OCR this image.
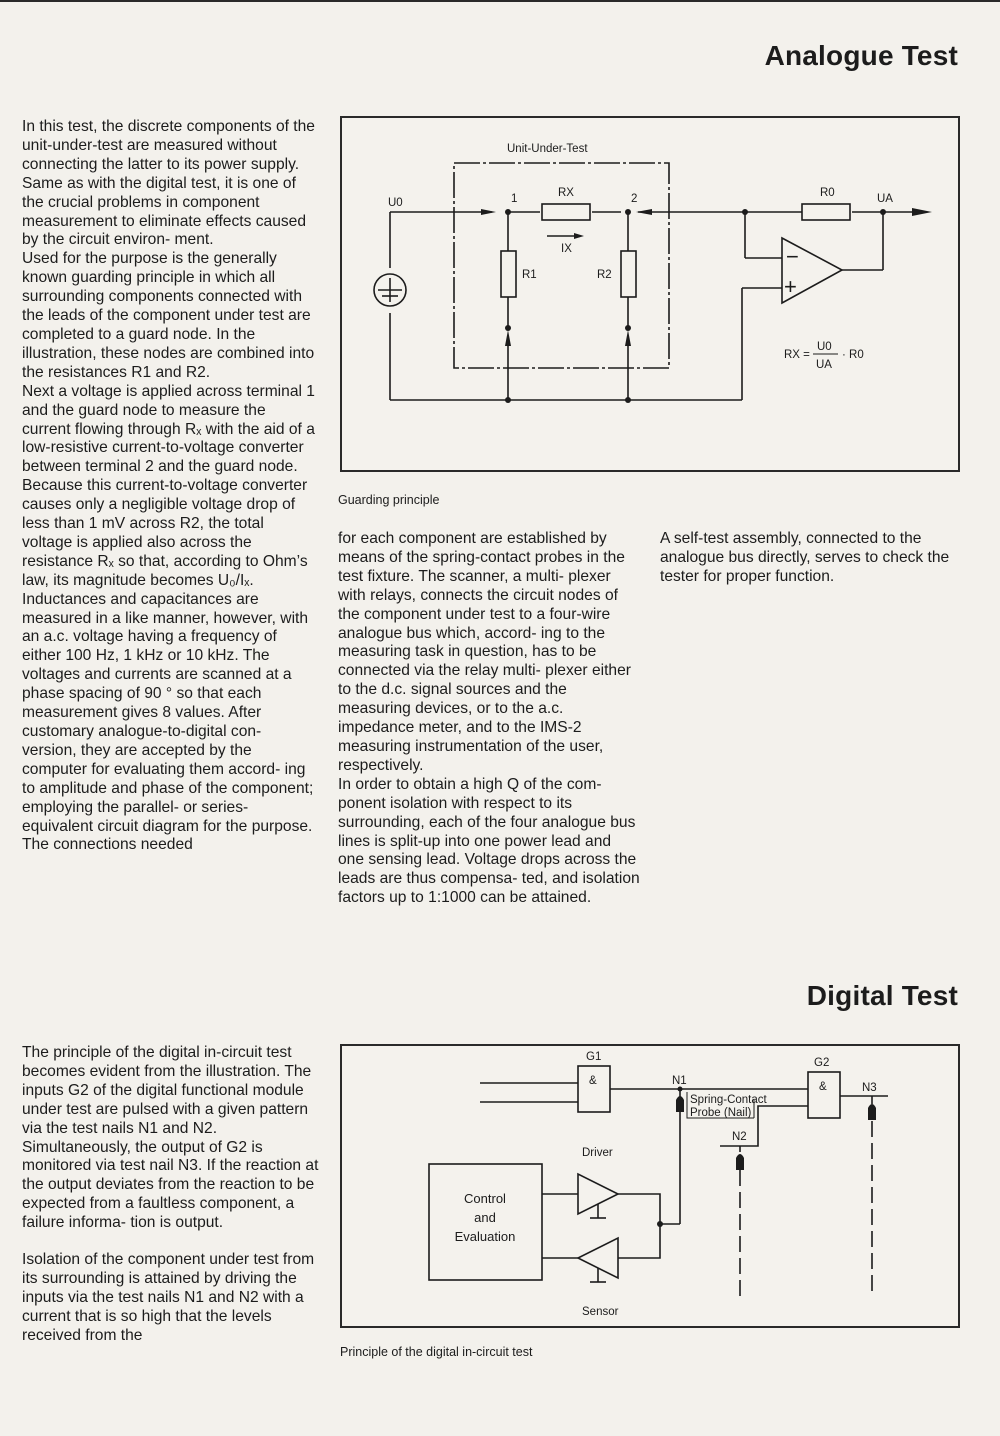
Analogue Test

In this test, the discrete components of the unit-under-test are measured without connecting the latter to its power supply. Same as with the digital test, it is one of the crucial problems in component measurement to eliminate effects caused by the circuit environ- ment.

Used for the purpose is the generally known guarding principle in which all surrounding components connected with the leads of the component under test are completed to a guard node. In the illustration, these nodes are combined into the resistances R1 and R2.

Next a voltage is applied across terminal 1 and the guard node to measure the current flowing through Rₓ with the aid of a low-resistive current-to-voltage converter between terminal 2 and the guard node.

Because this current-to-voltage converter causes only a negligible voltage drop of less than 1 mV across R2, the total voltage is applied also across the resistance Rₓ so that, according to Ohm’s law, its magnitude becomes U₀/Iₓ.

Inductances and capacitances are measured in a like manner, however, with an a.c. voltage having a frequency of either 100 Hz, 1 kHz or 10 kHz. The voltages and currents are scanned at a phase spacing of 90 ° so that each measurement gives 8 values. After customary analogue-to-digital con- version, they are accepted by the computer for evaluating them accord- ing to amplitude and phase of the component; employing the parallel- or series-equivalent circuit diagram for the purpose. The connections needed

for each component are established by means of the spring-contact probes in the test fixture. The scanner, a multi- plexer with relays, connects the circuit nodes of the component under test to a four-wire analogue bus which, accord- ing to the measuring task in question, has to be connected via the relay multi- plexer either to the d.c. signal sources and the measuring devices, or to the a.c. impedance meter, and to the IMS-2 measuring instrumentation of the user, respectively.

In order to obtain a high Q of the com- ponent isolation with respect to its surrounding, each of the four analogue bus lines is split-up into one power lead and one sensing lead. Voltage drops across the leads are thus compensa- ted, and isolation factors up to 1:1000 can be attained.

A self-test assembly, connected to the analogue bus directly, serves to check the tester for proper function.

Unit-Under-Test
U0
RX
IX
1	2
R1	R2
R0	UA
−
+
RX =
U0
UA
· R0
Guarding principle
Digital Test

The principle of the digital in-circuit test becomes evident from the illustration. The inputs G2 of the digital functional module under test are pulsed with a given pattern via the test nails N1 and N2. Simultaneously, the output of G2 is monitored via test nail N3. If the reaction at the output deviates from the reaction to be expected from a faultless component, a failure informa- tion is output.

Isolation of the component under test from its surrounding is attained by driving the inputs via the test nails N1 and N2 with a current that is so high that the levels received from the

G1
&
G2
&
N1
N2
N3
Spring-Contact
Probe (Nail)
Driver
Sensor
Control
and
Evaluation
Principle of the digital in-circuit test
